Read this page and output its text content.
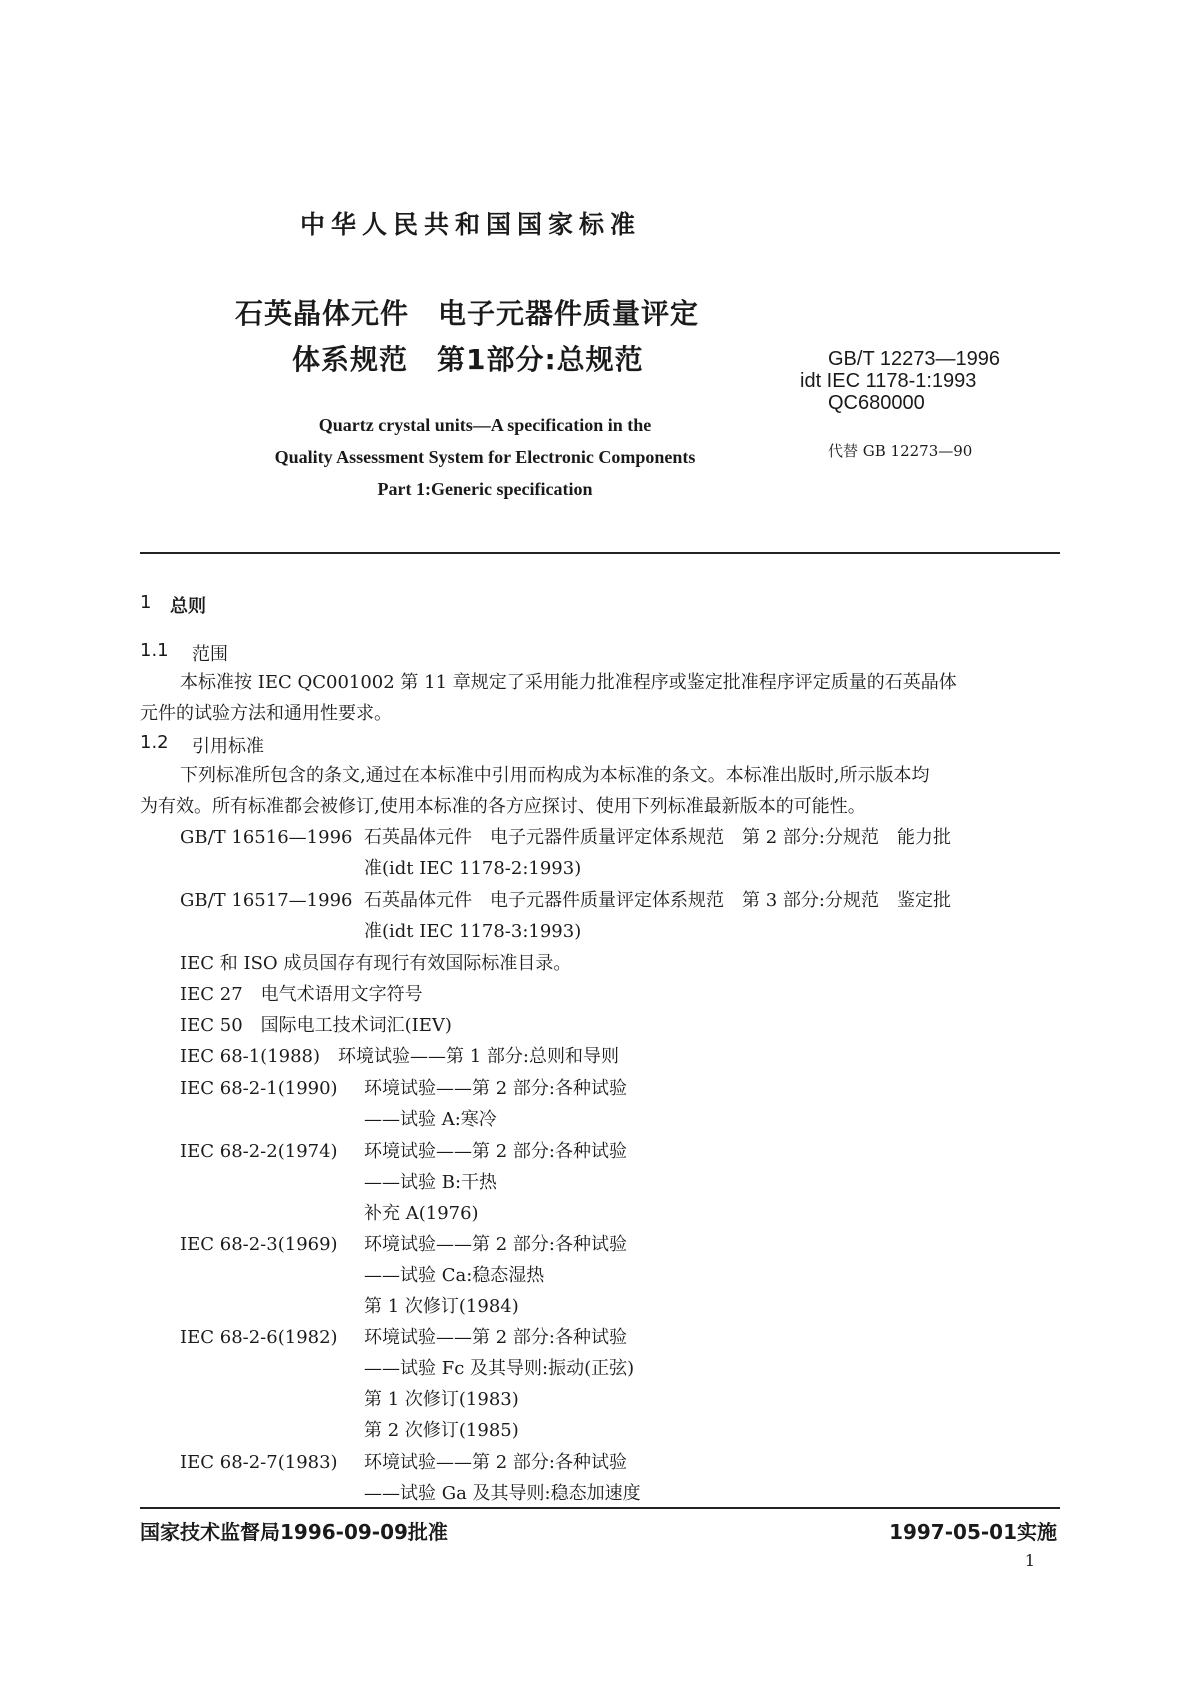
中华人民共和国国家标准
石英晶体元件　电子元器件质量评定
体系规范　第1部分:总规范	GB/T 12273—1996
idt IEC 1178-1:1993
QC680000
代替 GB 12273—90
Quartz crystal units—A specification in the
Quality Assessment System for Electronic Components
Part 1:Generic specification
1 总则
1.1 范围
本标准按 IEC QC001002 第 11 章规定了采用能力批准程序或鉴定批准程序评定质量的石英晶体
元件的试验方法和通用性要求。
1.2 引用标准
下列标准所包含的条文,通过在本标准中引用而构成为本标准的条文。本标准出版时,所示版本均
为有效。所有标准都会被修订,使用本标准的各方应探讨、使用下列标准最新版本的可能性。
GB/T 16516—1996 石英晶体元件　电子元器件质量评定体系规范　第 2 部分:分规范　能力批
准(idt IEC 1178-2:1993)
GB/T 16517—1996 石英晶体元件　电子元器件质量评定体系规范　第 3 部分:分规范　鉴定批
准(idt IEC 1178-3:1993)
IEC 和 ISO 成员国存有现行有效国际标准目录。
IEC 27　电气术语用文字符号
IEC 50　国际电工技术词汇(IEV)
IEC 68-1(1988)　环境试验——第 1 部分:总则和导则
IEC 68-2-1(1990) 环境试验——第 2 部分:各种试验
——试验 A:寒冷
IEC 68-2-2(1974) 环境试验——第 2 部分:各种试验
——试验 B:干热
补充 A(1976)
IEC 68-2-3(1969) 环境试验——第 2 部分:各种试验
——试验 Ca:稳态湿热
第 1 次修订(1984)
IEC 68-2-6(1982) 环境试验——第 2 部分:各种试验
——试验 Fc 及其导则:振动(正弦)
第 1 次修订(1983)
第 2 次修订(1985)
IEC 68-2-7(1983) 环境试验——第 2 部分:各种试验
——试验 Ga 及其导则:稳态加速度
国家技术监督局1996-09-09批准	1997-05-01实施
1
